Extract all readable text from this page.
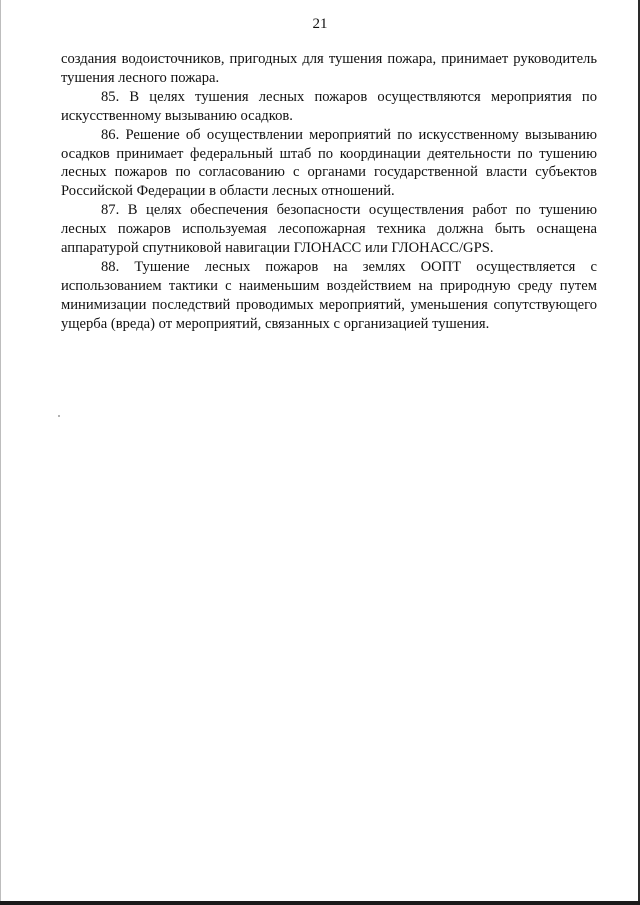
21

создания водоисточников, пригодных для тушения пожара, принимает руководитель тушения лесного пожара.

85. В целях тушения лесных пожаров осуществляются мероприятия по искусственному вызыванию осадков.

86. Решение об осуществлении мероприятий по искусственному вызыванию осадков принимает федеральный штаб по координации деятельности по тушению лесных пожаров по согласованию с органами государственной власти субъектов Российской Федерации в области лесных отношений.

87. В целях обеспечения безопасности осуществления работ по тушению лесных пожаров используемая лесопожарная техника должна быть оснащена аппаратурой спутниковой навигации ГЛОНАСС или ГЛОНАСС/GPS.

88. Тушение лесных пожаров на землях ООПТ осуществляется с использованием тактики с наименьшим воздействием на природную среду путем минимизации последствий проводимых мероприятий, уменьшения сопутствующего ущерба (вреда) от мероприятий, связанных с организацией тушения.
